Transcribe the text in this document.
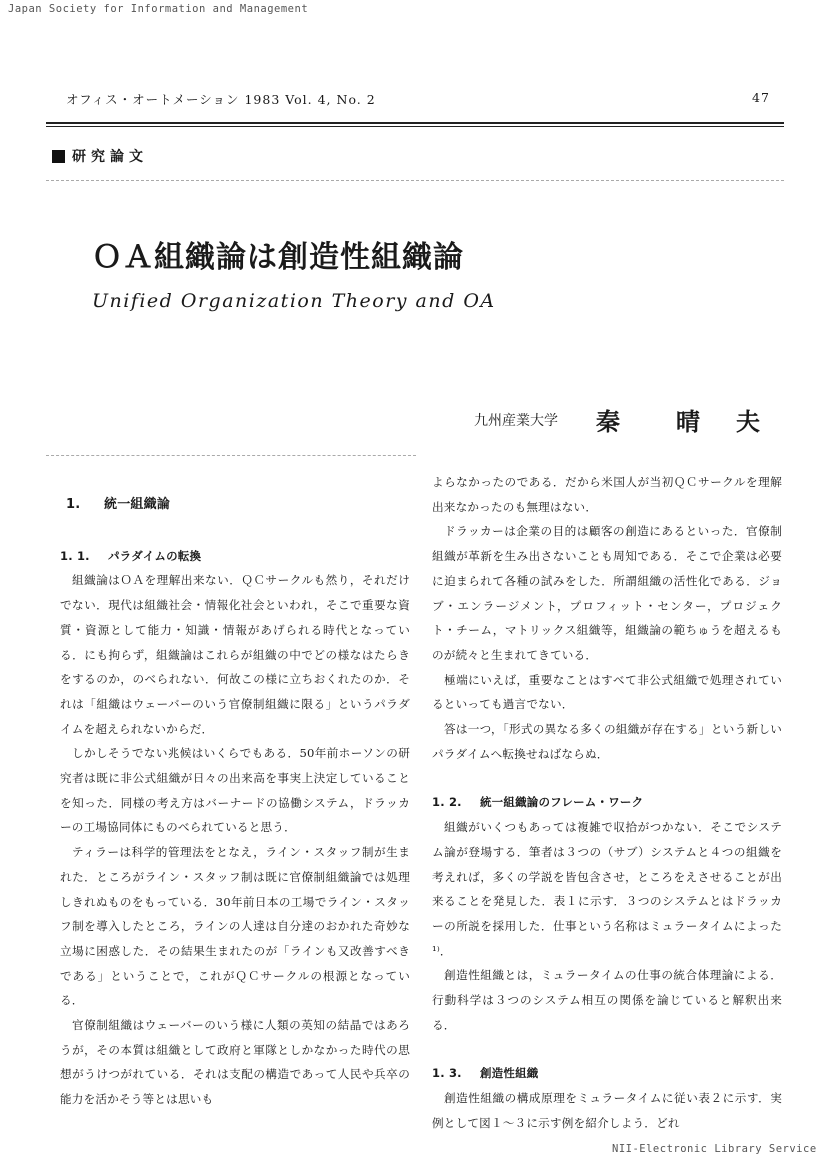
Japan Society for Information and Management
オフィス・オートメーション 1983 Vol. 4, No. 2	47
研究論文
ＯＡ組織論は創造性組織論
Unified Organization Theory and OA
九州産業大学 秦 晴 夫
1. 統一組織論
1. 1. パラダイムの転換

組織論はＯＡを理解出来ない．ＱＣサークルも然り，それだけでない．現代は組織社会・情報化社会といわれ，そこで重要な資質・資源として能力・知識・情報があげられる時代となっている．にも拘らず，組織論はこれらが組織の中でどの様なはたらきをするのか，のべられない．何故この様に立ちおくれたのか．それは「組織はウェーバーのいう官僚制組織に限る」というパラダイムを超えられないからだ．

しかしそうでない兆候はいくらでもある．50年前ホーソンの研究者は既に非公式組織が日々の出来高を事実上決定していることを知った．同様の考え方はバーナードの協働システム，ドラッカーの工場協同体にものべられていると思う．

ティラーは科学的管理法をとなえ，ライン・スタッフ制が生まれた．ところがライン・スタッフ制は既に官僚制組織論では処理しきれぬものをもっている．30年前日本の工場でライン・スタッフ制を導入したところ，ラインの人達は自分達のおかれた奇妙な立場に困惑した．その結果生まれたのが「ラインも又改善すべきである」ということで，これがＱＣサークルの根源となっている．

官僚制組織はウェーバーのいう様に人類の英知の結晶ではあろうが，その本質は組織として政府と軍隊としかなかった時代の思想がうけつがれている．それは支配の構造であって人民や兵卒の能力を活かそう等とは思いも

よらなかったのである．だから米国人が当初ＱＣサークルを理解出来なかったのも無理はない．

ドラッカーは企業の目的は顧客の創造にあるといった．官僚制組織が革新を生み出さないことも周知である．そこで企業は必要に迫まられて各種の試みをした．所謂組織の活性化である．ジョブ・エンラージメント，プロフィット・センター，プロジェクト・チーム，マトリックス組織等，組織論の範ちゅうを超えるものが続々と生まれてきている．

極端にいえば，重要なことはすべて非公式組織で処理されているといっても過言でない．

答は一つ，「形式の異なる多くの組織が存在する」という新しいパラダイムへ転換せねばならぬ．

1. 2. 統一組織論のフレーム・ワーク

組織がいくつもあっては複雑で収拾がつかない．そこでシステム論が登場する．筆者は３つの（サブ）システムと４つの組織を考えれば，多くの学説を皆包含させ，ところをえさせることが出来ることを発見した．表１に示す．３つのシステムとはドラッカーの所説を採用した．仕事という名称はミュラータイムによった¹⁾．

創造性組織とは，ミュラータイムの仕事の統合体理論による．行動科学は３つのシステム相互の関係を論じていると解釈出来る．

1. 3. 創造性組織

創造性組織の構成原理をミュラータイムに従い表２に示す．実例として図１〜３に示す例を紹介しよう．どれ

NII-Electronic Library Service
